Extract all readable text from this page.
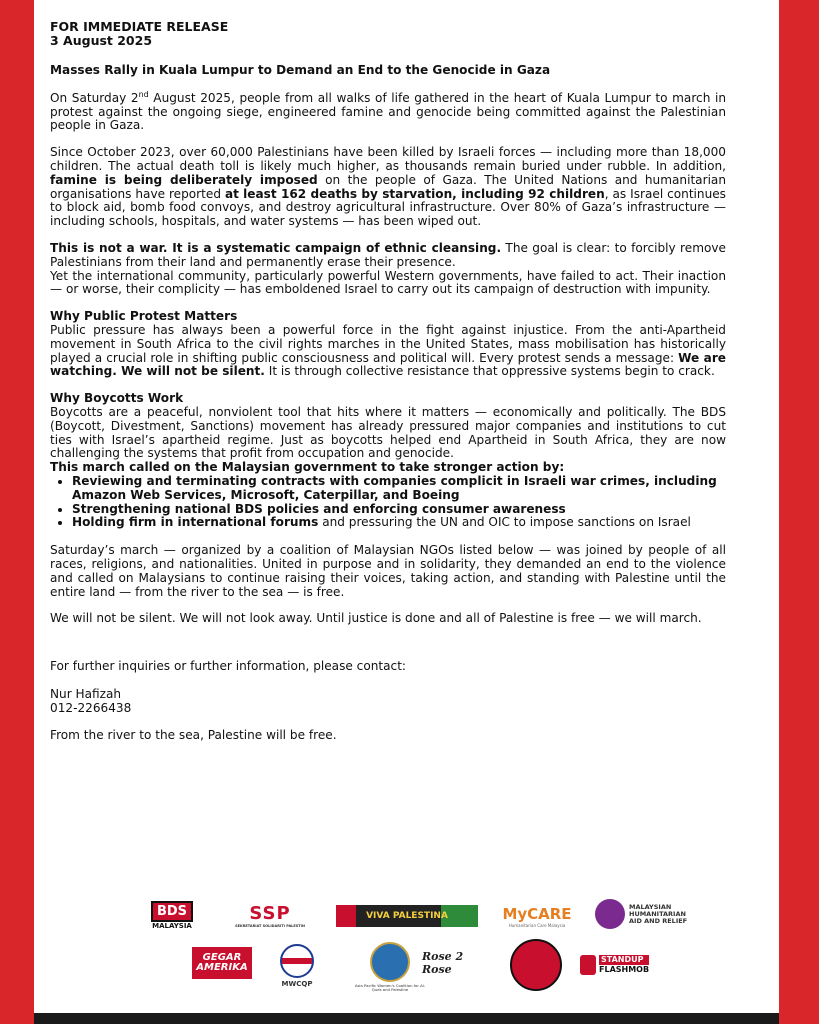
FOR IMMEDIATE RELEASE
3 August 2025

Masses Rally in Kuala Lumpur to Demand an End to the Genocide in Gaza

On Saturday 2nd August 2025, people from all walks of life gathered in the heart of Kuala Lumpur to march in protest against the ongoing siege, engineered famine and genocide being committed against the Palestinian people in Gaza.

Since October 2023, over 60,000 Palestinians have been killed by Israeli forces — including more than 18,000 children. The actual death toll is likely much higher, as thousands remain buried under rubble. In addition, famine is being deliberately imposed on the people of Gaza. The United Nations and humanitarian organisations have reported at least 162 deaths by starvation, including 92 children, as Israel continues to block aid, bomb food convoys, and destroy agricultural infrastructure. Over 80% of Gaza’s infrastructure — including schools, hospitals, and water systems — has been wiped out.

This is not a war. It is a systematic campaign of ethnic cleansing. The goal is clear: to forcibly remove Palestinians from their land and permanently erase their presence.

Yet the international community, particularly powerful Western governments, have failed to act. Their inaction — or worse, their complicity — has emboldened Israel to carry out its campaign of destruction with impunity.

Why Public Protest Matters

Public pressure has always been a powerful force in the fight against injustice. From the anti-Apartheid movement in South Africa to the civil rights marches in the United States, mass mobilisation has historically played a crucial role in shifting public consciousness and political will. Every protest sends a message: We are watching. We will not be silent. It is through collective resistance that oppressive systems begin to crack.

Why Boycotts Work

Boycotts are a peaceful, nonviolent tool that hits where it matters — economically and politically. The BDS (Boycott, Divestment, Sanctions) movement has already pressured major companies and institutions to cut ties with Israel’s apartheid regime. Just as boycotts helped end Apartheid in South Africa, they are now challenging the systems that profit from occupation and genocide.

This march called on the Malaysian government to take stronger action by:
• Reviewing and terminating contracts with companies complicit in Israeli war crimes, including Amazon Web Services, Microsoft, Caterpillar, and Boeing
• Strengthening national BDS policies and enforcing consumer awareness
• Holding firm in international forums and pressuring the UN and OIC to impose sanctions on Israel

Saturday’s march — organized by a coalition of Malaysian NGOs listed below — was joined by people of all races, religions, and nationalities. United in purpose and in solidarity, they demanded an end to the violence and called on Malaysians to continue raising their voices, taking action, and standing with Palestine until the entire land — from the river to the sea — is free.

We will not be silent. We will not look away. Until justice is done and all of Palestine is free — we will march.

For further inquiries or further information, please contact:

Nur Hafizah

012-2266438

From the river to the sea, Palestine will be free.

BDS
MALAYSIA
SSP
SEKRETARIAT SOLIDARITI PALESTIN
VIVA PALESTINA	MyCARE
Humanitarian Care Malaysia
MALAYSIAN HUMANITARIAN AID AND RELIEF
GEGAR AMERIKA
MWCQP	Asia Pacific Women's Coalition for Al-Quds and Palestine
Rose 2 Rose
STANDUP
FLASHMOB
